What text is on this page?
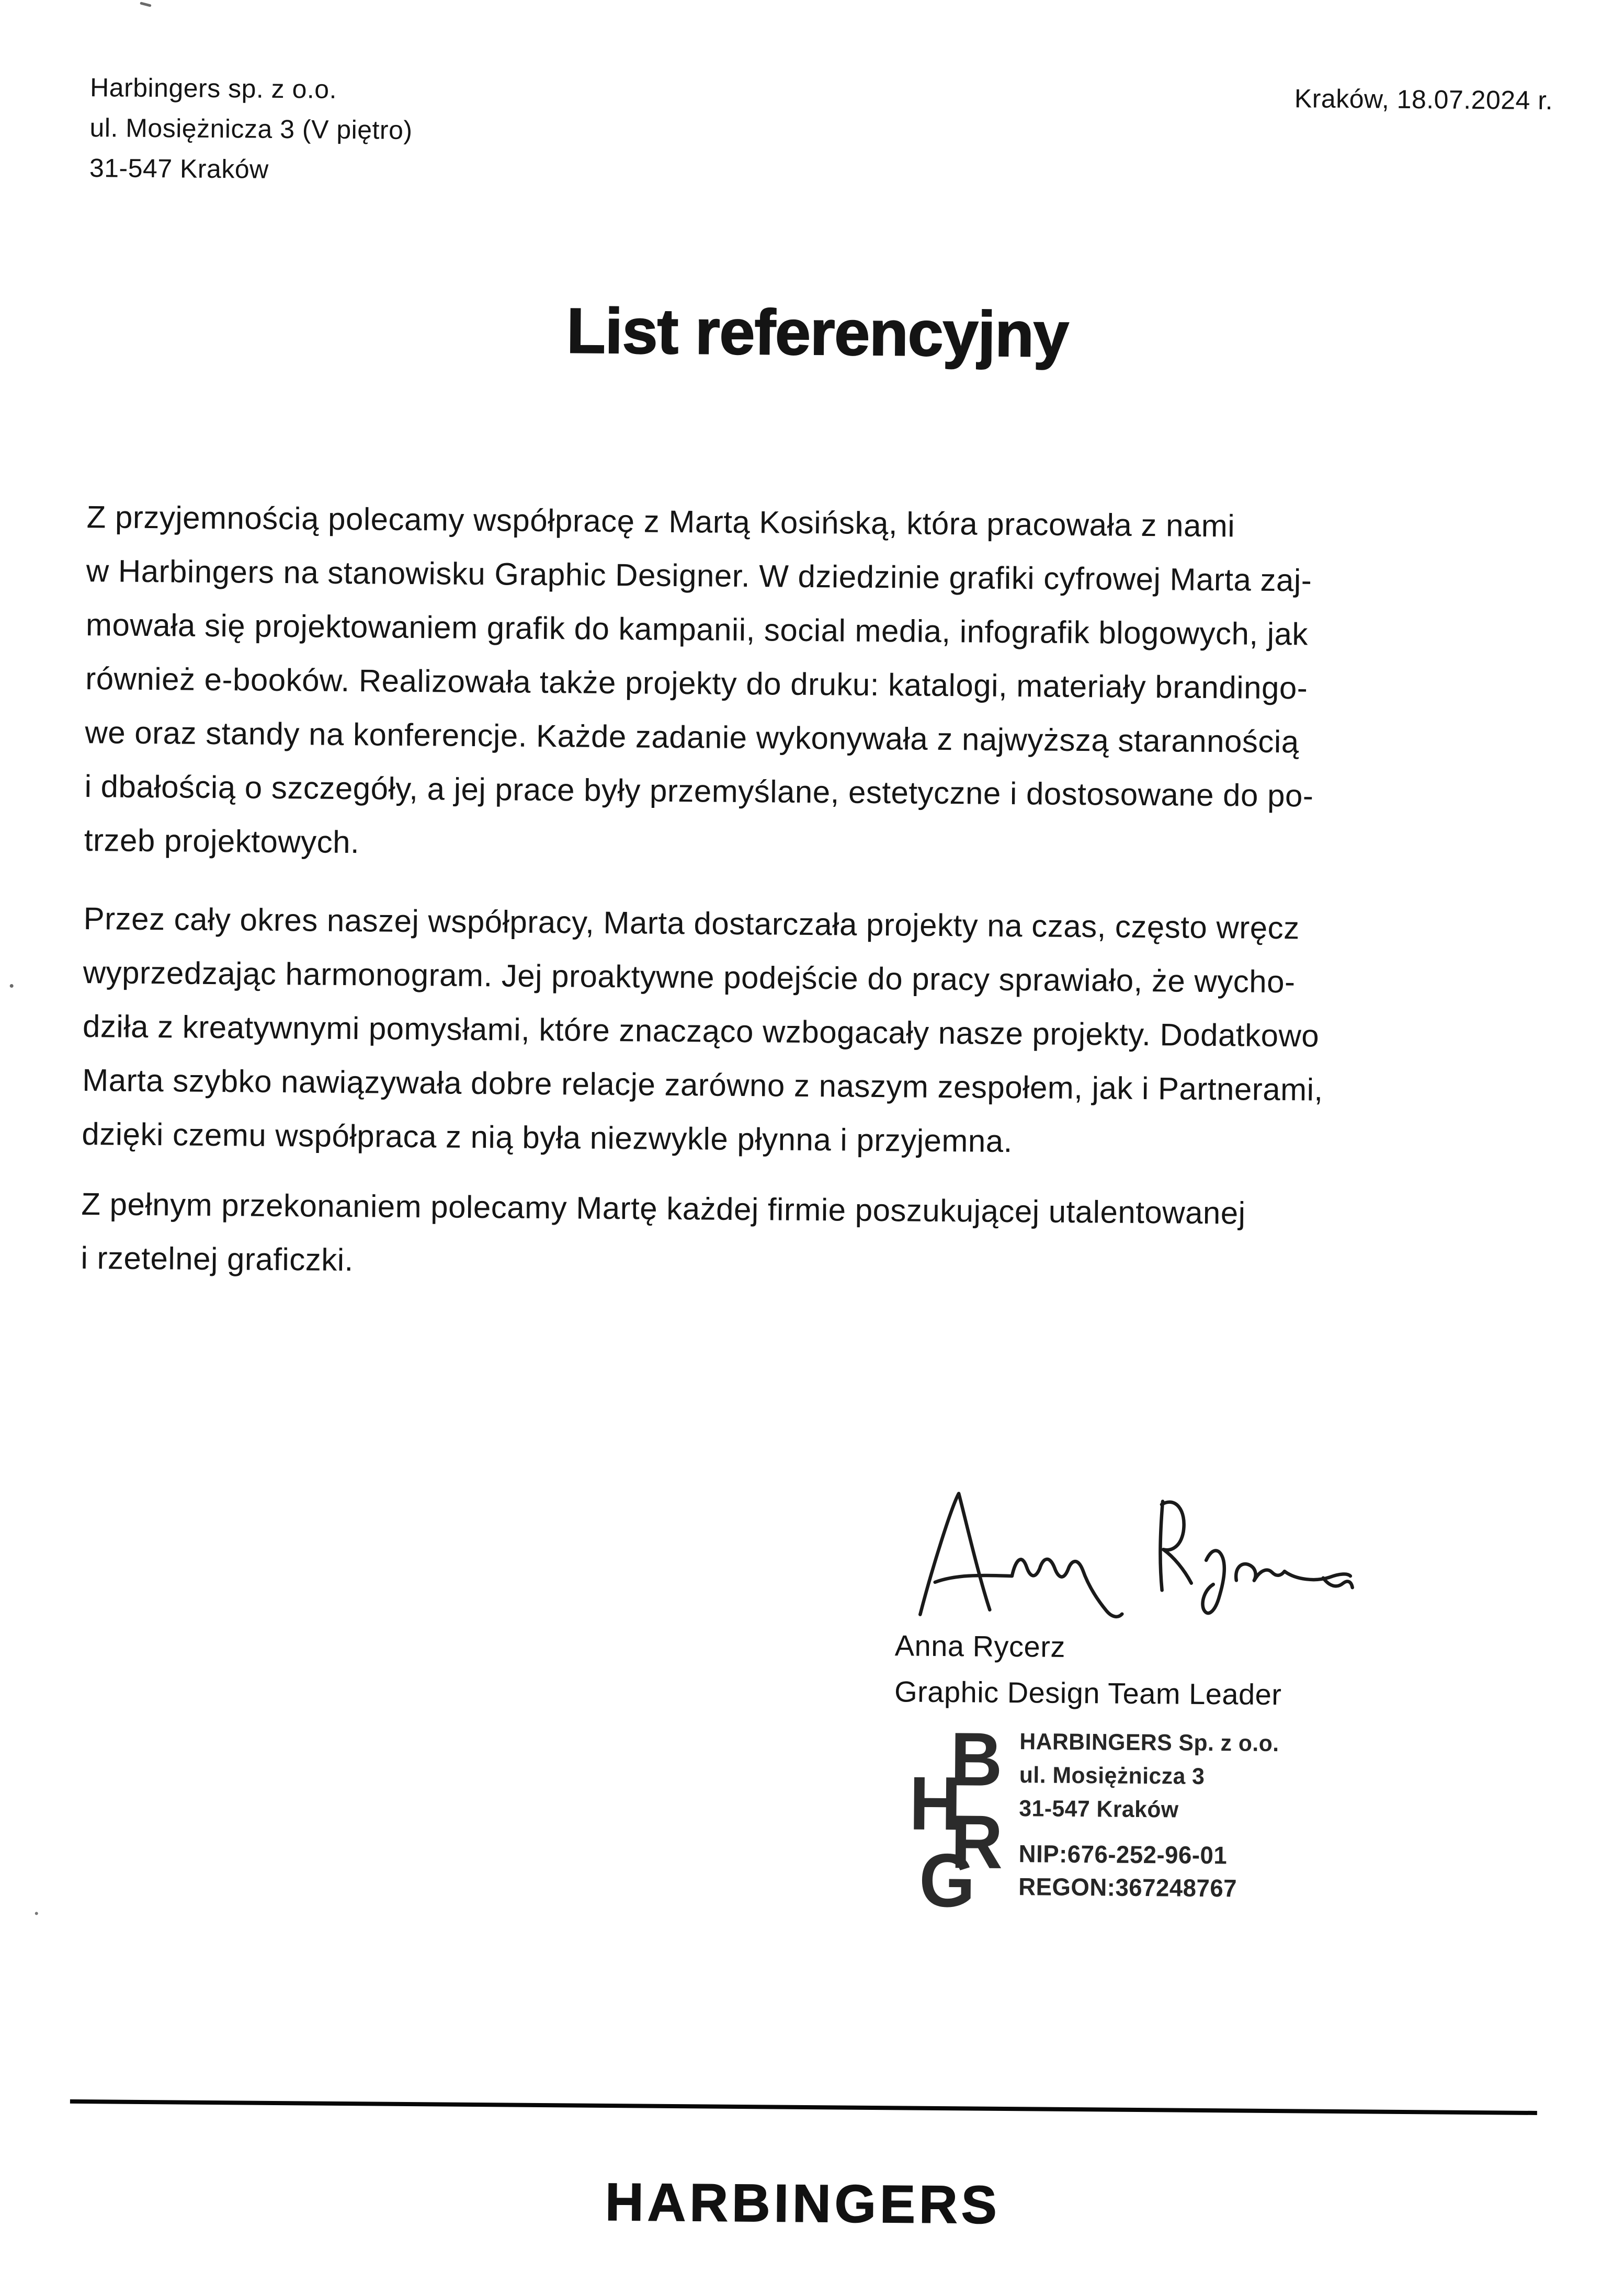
Harbingers sp. z o.o.
ul. Mosiężnicza 3 (V piętro)
31-547 Kraków
Kraków, 18.07.2024 r.
List referencyjny
Z przyjemnością polecamy współpracę z Martą Kosińską, która pracowała z nami
w Harbingers na stanowisku Graphic Designer. W dziedzinie grafiki cyfrowej Marta zaj-
mowała się projektowaniem grafik do kampanii, social media, infografik blogowych, jak
również e-booków. Realizowała także projekty do druku: katalogi, materiały brandingo-
we oraz standy na konferencje. Każde zadanie wykonywała z najwyższą starannością
i dbałością o szczegóły, a jej prace były przemyślane, estetyczne i dostosowane do po-
trzeb projektowych.
Przez cały okres naszej współpracy, Marta dostarczała projekty na czas, często wręcz
wyprzedzając harmonogram. Jej proaktywne podejście do pracy sprawiało, że wycho-
dziła z kreatywnymi pomysłami, które znacząco wzbogacały nasze projekty. Dodatkowo
Marta szybko nawiązywała dobre relacje zarówno z naszym zespołem, jak i Partnerami,
dzięki czemu współpraca z nią była niezwykle płynna i przyjemna.
Z pełnym przekonaniem polecamy Martę każdej firmie poszukującej utalentowanej
i rzetelnej graficzki.
Anna Rycerz
Graphic Design Team Leader
H
B
R
G
HARBINGERS Sp. z o.o.
ul. Mosiężnicza 3
31-547 Kraków
NIP:676-252-96-01
REGON:367248767
HARBINGERS
